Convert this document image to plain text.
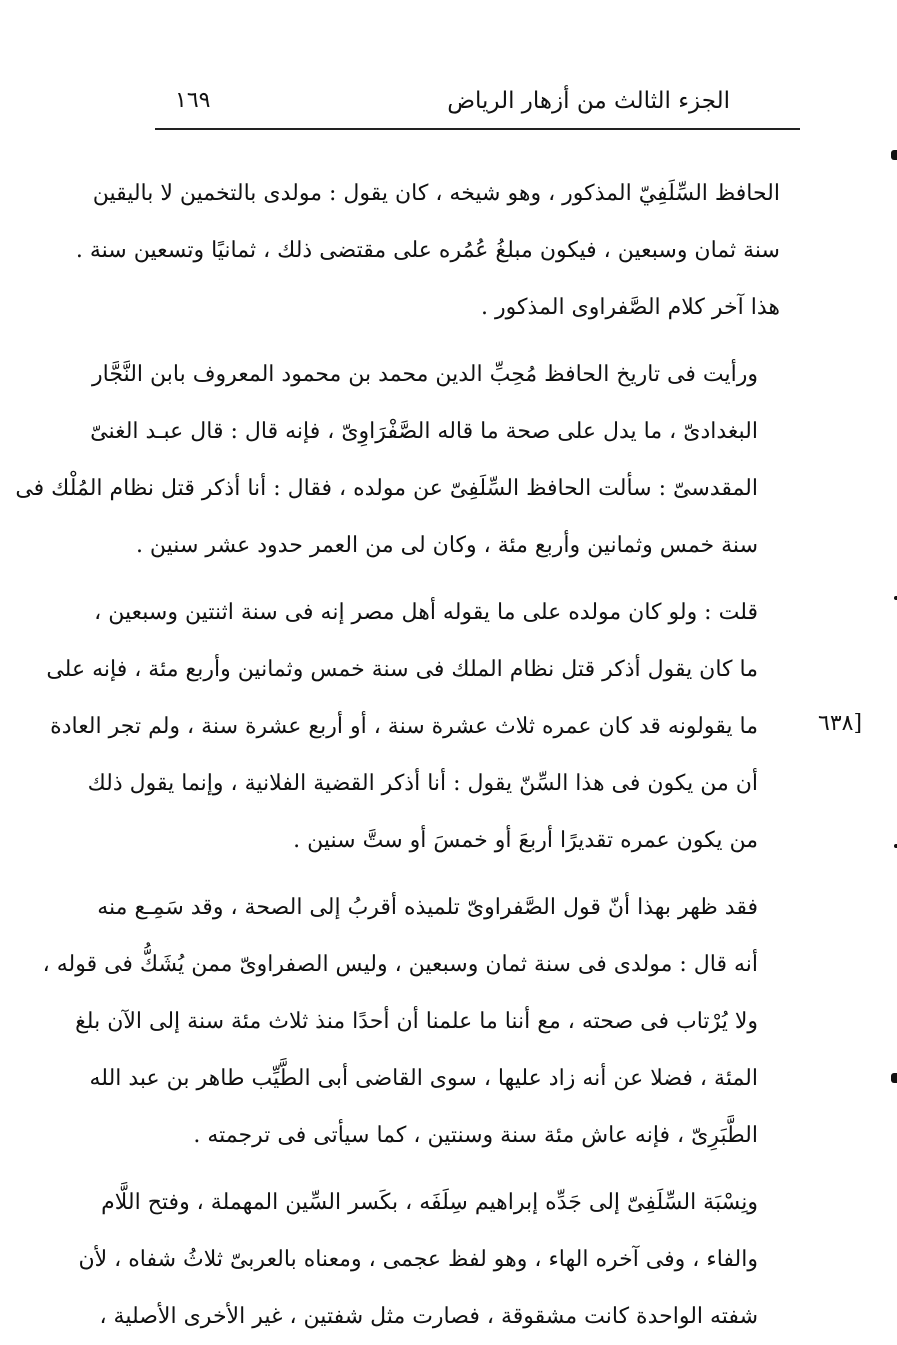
الجزء الثالث من أزهار الرياض
١٦٩
[٦٣٨

الحافظ السِّلَفِيّ المذكور ، وهو شيخه ، كان يقول : مولدى بالتخمين لا باليقين
سنة ثمان وسبعين ، فيكون مبلغُ عُمُره على مقتضى ذلك ، ثمانيًا وتسعين سنة .
هذا آخر كلام الصَّفراوى المذكور .

ورأيت فى تاريخ الحافظ مُحِبِّ الدين محمد بن محمود المعروف بابن النَّجَّار
البغدادىّ ، ما يدل على صحة ما قاله الصَّفْرَاوِىّ ، فإنه قال : قال عبـد الغنىّ
المقدسىّ : سألت الحافظ السِّلَفِىّ عن مولده ، فقال : أنا أذكر قتل نظام المُلْك فى
سنة خمس وثمانين وأربع مئة ، وكان لى من العمر حدود عشر سنين .

قلت : ولو كان مولده على ما يقوله أهل مصر إنه فى سنة اثنتين وسبعين ،
ما كان يقول أذكر قتل نظام الملك فى سنة خمس وثمانين وأربع مئة ، فإنه على
ما يقولونه قد كان عمره ثلاث عشرة سنة ، أو أربع عشرة سنة ، ولم تجر العادة
أن من يكون فى هذا السِّنّ يقول : أنا أذكر القضية الفلانية ، وإنما يقول ذلك
من يكون عمره تقديرًا أربعَ أو خمسَ أو ستَّ سنين .

فقد ظهر بهذا أنّ قول الصَّفراوىّ تلميذه أقربُ إلى الصحة ، وقد سَمِـع منه
أنه قال : مولدى فى سنة ثمان وسبعين ، وليس الصفراوىّ ممن يُشَكُّ فى قوله ،
ولا يُرْتاب فى صحته ، مع أننا ما علمنا أن أحدًا منذ ثلاث مئة سنة إلى الآن بلغ
المئة ، فضلا عن أنه زاد عليها ، سوى القاضى أبى الطَّيِّب طاهر بن عبد الله
الطَّبَرِىّ ، فإنه عاش مئة سنة وسنتين ، كما سيأتى فى ترجمته .

ونِسْبَة السِّلَفِىّ إلى جَدِّه إبراهيم سِلَفَه ، بكَسر السِّين المهملة ، وفتح اللَّام
والفاء ، وفى آخره الهاء ، وهو لفظ عجمى ، ومعناه بالعربىّ ثلاثُ شفاه ، لأن
شفته الواحدة كانت مشقوقة ، فصارت مثل شفتين ، غير الأخرى الأصلية ،
